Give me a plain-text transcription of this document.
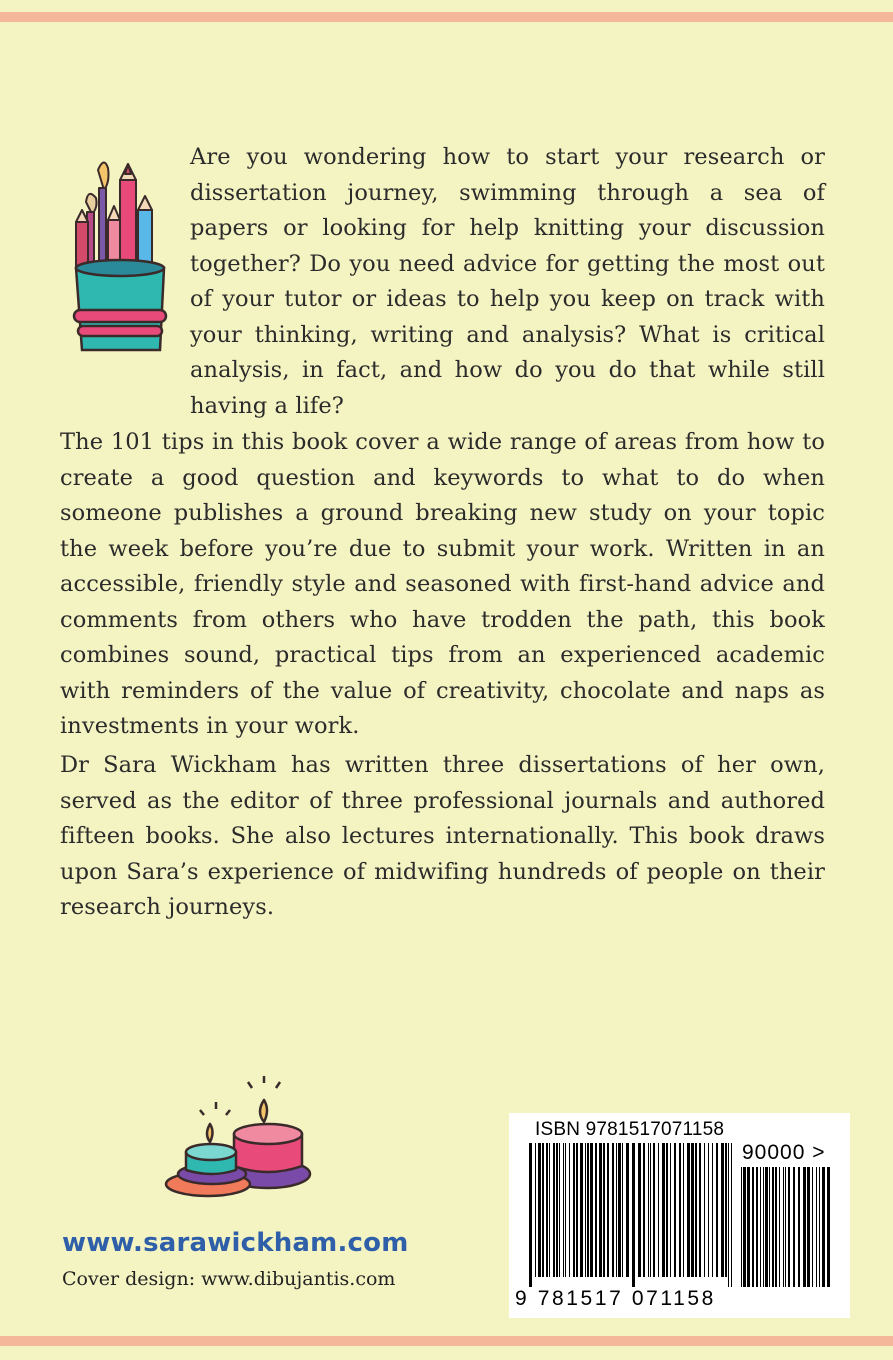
Are you wondering how to start your research or dissertation journey, swimming through a sea of papers or looking for help knitting your discussion together? Do you need advice for getting the most out of your tutor or ideas to help you keep on track with your thinking, writing and analysis? What is critical analysis, in fact, and how do you do that while still having a life?

The 101 tips in this book cover a wide range of areas from how to create a good question and keywords to what to do when someone publishes a ground breaking new study on your topic the week before you’re due to submit your work. Written in an accessible, friendly style and seasoned with first-hand advice and comments from others who have trodden the path, this book combines sound, practical tips from an experienced academic with reminders of the value of creativity, chocolate and naps as investments in your work.

Dr Sara Wickham has written three dissertations of her own, served as the editor of three professional journals and authored fifteen books. She also lectures internationally. This book draws upon Sara’s experience of midwifing hundreds of people on their research journeys.

www.sarawickham.com
Cover design: www.dibujantis.com
ISBN 9781517071158
90000 >
9 781517 071158
